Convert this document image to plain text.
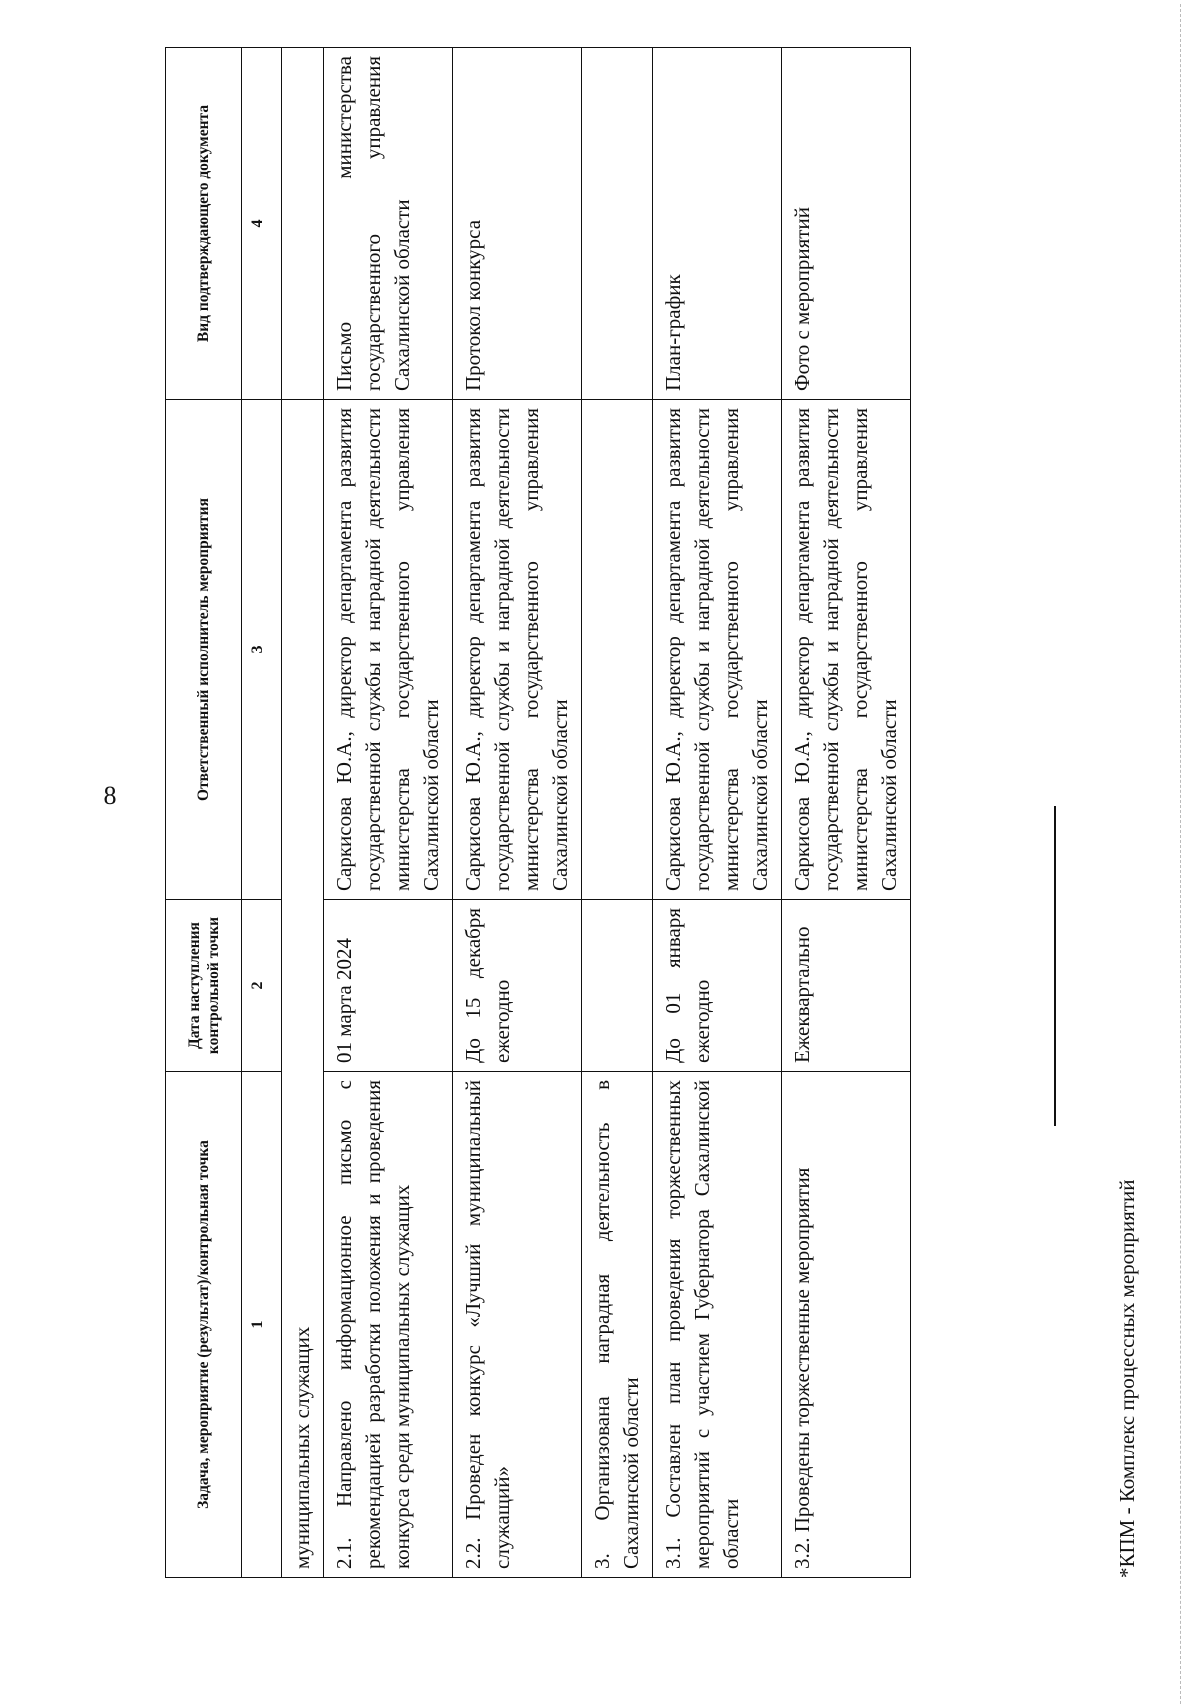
8
Задача, мероприятие (результат)/контрольная точка	Дата наступления контрольной точки	Ответственный исполнитель мероприятия	Вид подтверждающего документа
1	2	3	4
муниципальных служащих			
2.1. Направлено информационное письмо с рекомендацией разработки положения и проведения конкурса среди муниципальных служащих	01 марта 2024	Саркисова Ю.А., директор департамента развития государственной службы и наградной деятельности министерства государственного управления Сахалинской области	Письмо министерства государственного управления Сахалинской области
2.2. Проведен конкурс «Лучший муниципальный служащий»	До 15 декабря ежегодно	Саркисова Ю.А., директор департамента развития государственной службы и наградной деятельности министерства государственного управления Сахалинской области	Протокол конкурса
3. Организована наградная деятельность в Сахалинской области			
3.1. Составлен план проведения торжественных мероприятий с участием Губернатора Сахалинской области	До 01 января ежегодно	Саркисова Ю.А., директор департамента развития государственной службы и наградной деятельности министерства государственного управления Сахалинской области	План-график
3.2. Проведены торжественные мероприятия	Ежеквартально	Саркисова Ю.А., директор департамента развития государственной службы и наградной деятельности министерства государственного управления Сахалинской области	Фото с мероприятий
*КПМ - Комплекс процессных мероприятий
